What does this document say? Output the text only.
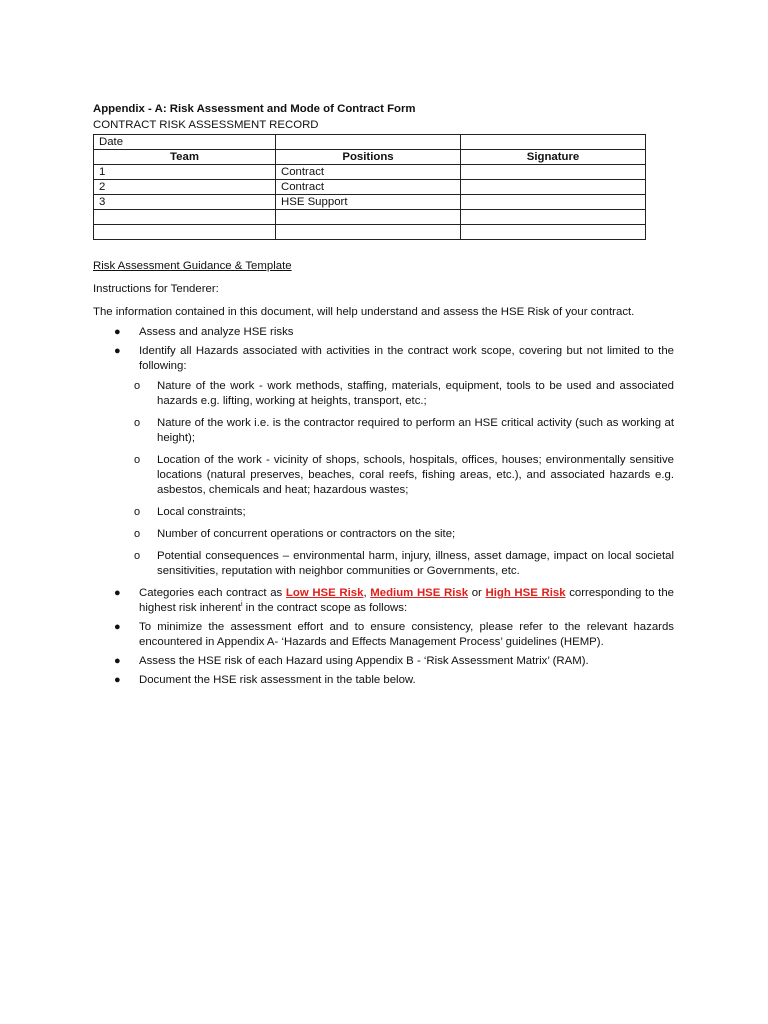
Appendix - A: Risk Assessment and Mode of Contract Form
CONTRACT RISK ASSESSMENT RECORD
Date		
Team	Positions	Signature
1	Contract	
2	Contract	
3	HSE Support	

Risk Assessment Guidance & Template
Instructions for Tenderer:
The information contained in this document, will help understand and assess the HSE Risk of your contract.
● Assess and analyze HSE risks
● Identify all Hazards associated with activities in the contract work scope, covering but not limited to the following:
o	Nature of the work - work methods, staffing, materials, equipment, tools to be used and associated hazards e.g. lifting, working at heights, transport, etc.;
o	Nature of the work i.e. is the contractor required to perform an HSE critical activity (such as working at height);
o	Location of the work - vicinity of shops, schools, hospitals, offices, houses; environmentally sensitive locations (natural preserves, beaches, coral reefs, fishing areas, etc.), and associated hazards e.g. asbestos, chemicals and heat; hazardous wastes;
o	Local constraints;
o	Number of concurrent operations or contractors on the site;
o	Potential consequences – environmental harm, injury, illness, asset damage, impact on local societal sensitivities, reputation with neighbor communities or Governments, etc.
● Categories each contract as Low HSE Risk, Medium HSE Risk or High HSE Risk corresponding to the highest risk inherent$^i$ in the contract scope as follows:
● To minimize the assessment effort and to ensure consistency, please refer to the relevant hazards encountered in Appendix A- ‘Hazards and Effects Management Process’ guidelines (HEMP).
● Assess the HSE risk of each Hazard using Appendix B - ‘Risk Assessment Matrix’ (RAM).
● Document the HSE risk assessment in the table below.
